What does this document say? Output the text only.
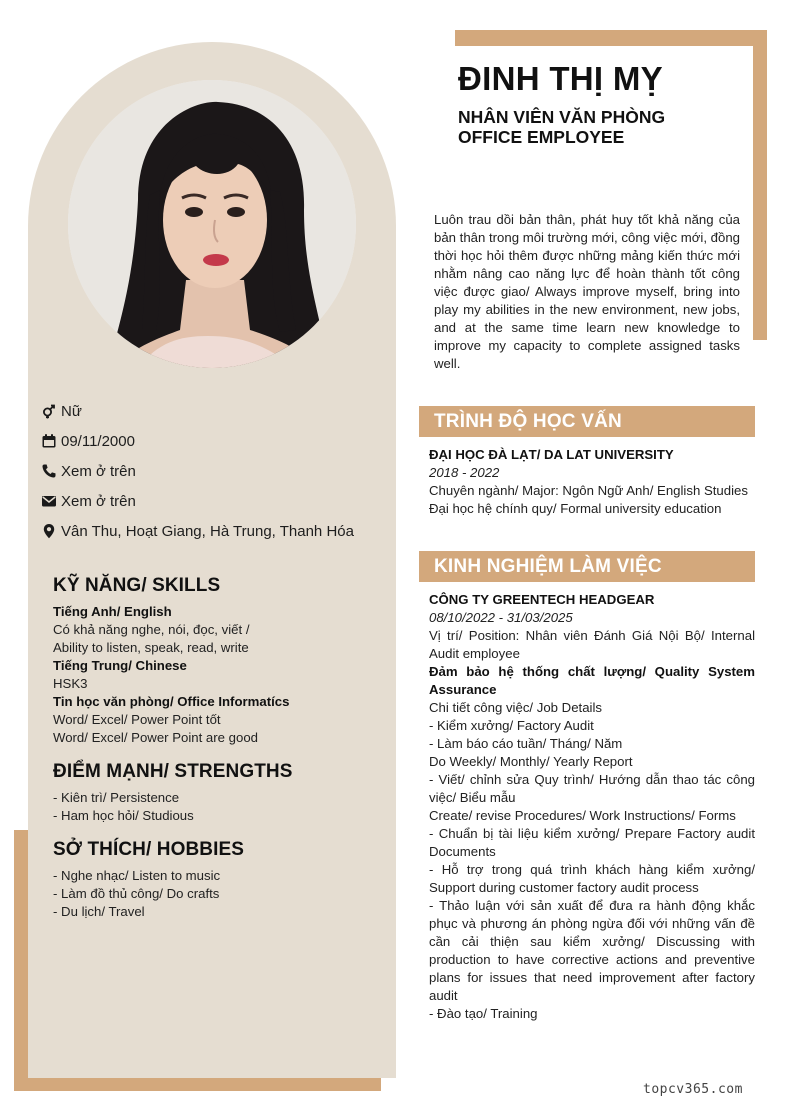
Nữ
09/11/2000
Xem ở trên
Xem ở trên
Vân Thu, Hoạt Giang, Hà Trung, Thanh Hóa
KỸ NĂNG/ SKILLS
Tiếng Anh/ English
Có khả năng nghe, nói, đọc, viết /
Ability to listen, speak, read, write
Tiếng Trung/ Chinese
HSK3
Tin học văn phòng/ Office Informatícs
Word/ Excel/ Power Point tốt
Word/ Excel/ Power Point are good
ĐIỂM MẠNH/ STRENGTHS
- Kiên trì/ Persistence
- Ham học hỏi/ Studious
SỞ THÍCH/ HOBBIES
- Nghe nhạc/ Listen to music
- Làm đồ thủ công/ Do crafts
- Du lịch/ Travel
ĐINH THỊ MỴ
NHÂN VIÊN VĂN PHÒNG
OFFICE EMPLOYEE
Luôn trau dồi bản thân, phát huy tốt khả năng của bản thân trong môi trường mới, công việc mới, đồng thời học hỏi thêm được những mảng kiến thức mới nhằm nâng cao năng lực để hoàn thành tốt công việc được giao/ Always improve myself, bring into play my abilities in the new environment, new jobs, and at the same time learn new knowledge to improve my capacity to complete assigned tasks well.
TRÌNH ĐỘ HỌC VẤN
ĐẠI HỌC ĐÀ LẠT/ DA LAT UNIVERSITY
2018 - 2022
Chuyên ngành/ Major: Ngôn Ngữ Anh/ English Studies
Đại học hệ chính quy/ Formal university education
KINH NGHIỆM LÀM VIỆC
CÔNG TY GREENTECH HEADGEAR
08/10/2022 - 31/03/2025
Vị trí/ Position: Nhân viên Đánh Giá Nội Bộ/ Internal Audit employee
Đảm bảo hệ thống chất lượng/ Quality System Assurance
Chi tiết công việc/ Job Details
- Kiểm xưởng/ Factory Audit
- Làm báo cáo tuần/ Tháng/ Năm
Do Weekly/ Monthly/ Yearly Report
- Viết/ chỉnh sửa Quy trình/ Hướng dẫn thao tác công việc/ Biểu mẫu
Create/ revise Procedures/ Work Instructions/ Forms
- Chuẩn bị tài liệu kiểm xưởng/ Prepare Factory audit Documents
- Hỗ trợ trong quá trình khách hàng kiểm xưởng/ Support during customer factory audit process
- Thảo luận với sản xuất để đưa ra hành động khắc phục và phương án phòng ngừa đối với những vấn đề cần cải thiện sau kiểm xưởng/ Discussing with production to have corrective actions and preventive plans for issues that need improvement after factory audit
- Đào tạo/ Training
topcv365.com
